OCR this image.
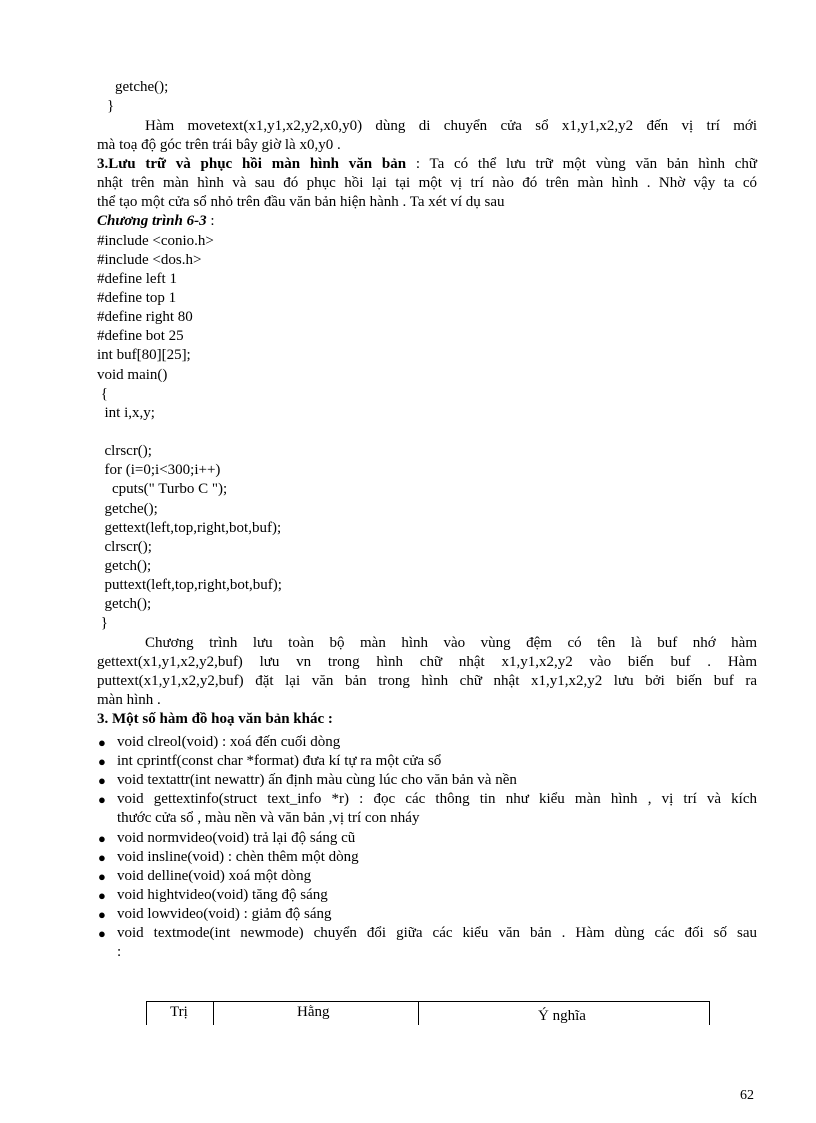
getche();
}
Hàm movetext(x1,y1,x2,y2,x0,y0) dùng di chuyển cửa sổ x1,y1,x2,y2 đến vị trí mới
mà toạ độ góc trên trái bây giờ là x0,y0 .
3.Lưu trữ và phục hồi màn hình văn bản : Ta có thể lưu trữ một vùng văn bản hình chữ
nhật trên màn hình và sau đó phục hồi lại tại một vị trí nào đó trên màn hình . Nhờ vậy ta có
thể tạo một cửa sổ nhỏ trên đầu văn bản hiện hành . Ta xét ví dụ sau
Chương trình 6-3 :
#include <conio.h>
#include <dos.h>
#define left 1
#define top 1
#define right 80
#define bot 25
int buf[80][25];
void main()
{
int i,x,y;
clrscr();
for (i=0;i<300;i++)
cputs(" Turbo C ");
getche();
gettext(left,top,right,bot,buf);
clrscr();
getch();
puttext(left,top,right,bot,buf);
getch();
}
Chương trình lưu toàn bộ màn hình vào vùng đệm có tên là buf nhớ hàm
gettext(x1,y1,x2,y2,buf) lưu vn trong hình chữ nhật x1,y1,x2,y2 vào biến buf . Hàm
puttext(x1,y1,x2,y2,buf) đặt lại văn bản trong hình chữ nhật x1,y1,x2,y2 lưu bởi biến buf ra
màn hình .
3. Một số hàm đồ hoạ văn bản khác :
● void clreol(void) : xoá đến cuối dòng
● int cprintf(const char *format) đưa kí tự ra một cửa sổ
● void textattr(int newattr) ấn định màu cùng lúc cho văn bản và nền
● void gettextinfo(struct text_info *r) : đọc các thông tin như kiểu màn hình , vị trí và kích
thước cửa sổ , màu nền và văn bản ,vị trí con nháy
● void normvideo(void) trả lại độ sáng cũ
● void insline(void) : chèn thêm một dòng
● void delline(void) xoá một dòng
● void hightvideo(void) tăng độ sáng
● void lowvideo(void) : giảm độ sáng
● void textmode(int newmode) chuyển đổi giữa các kiểu văn bản . Hàm dùng các đối số sau
:
Trị	Hằng	Ý nghĩa
62
